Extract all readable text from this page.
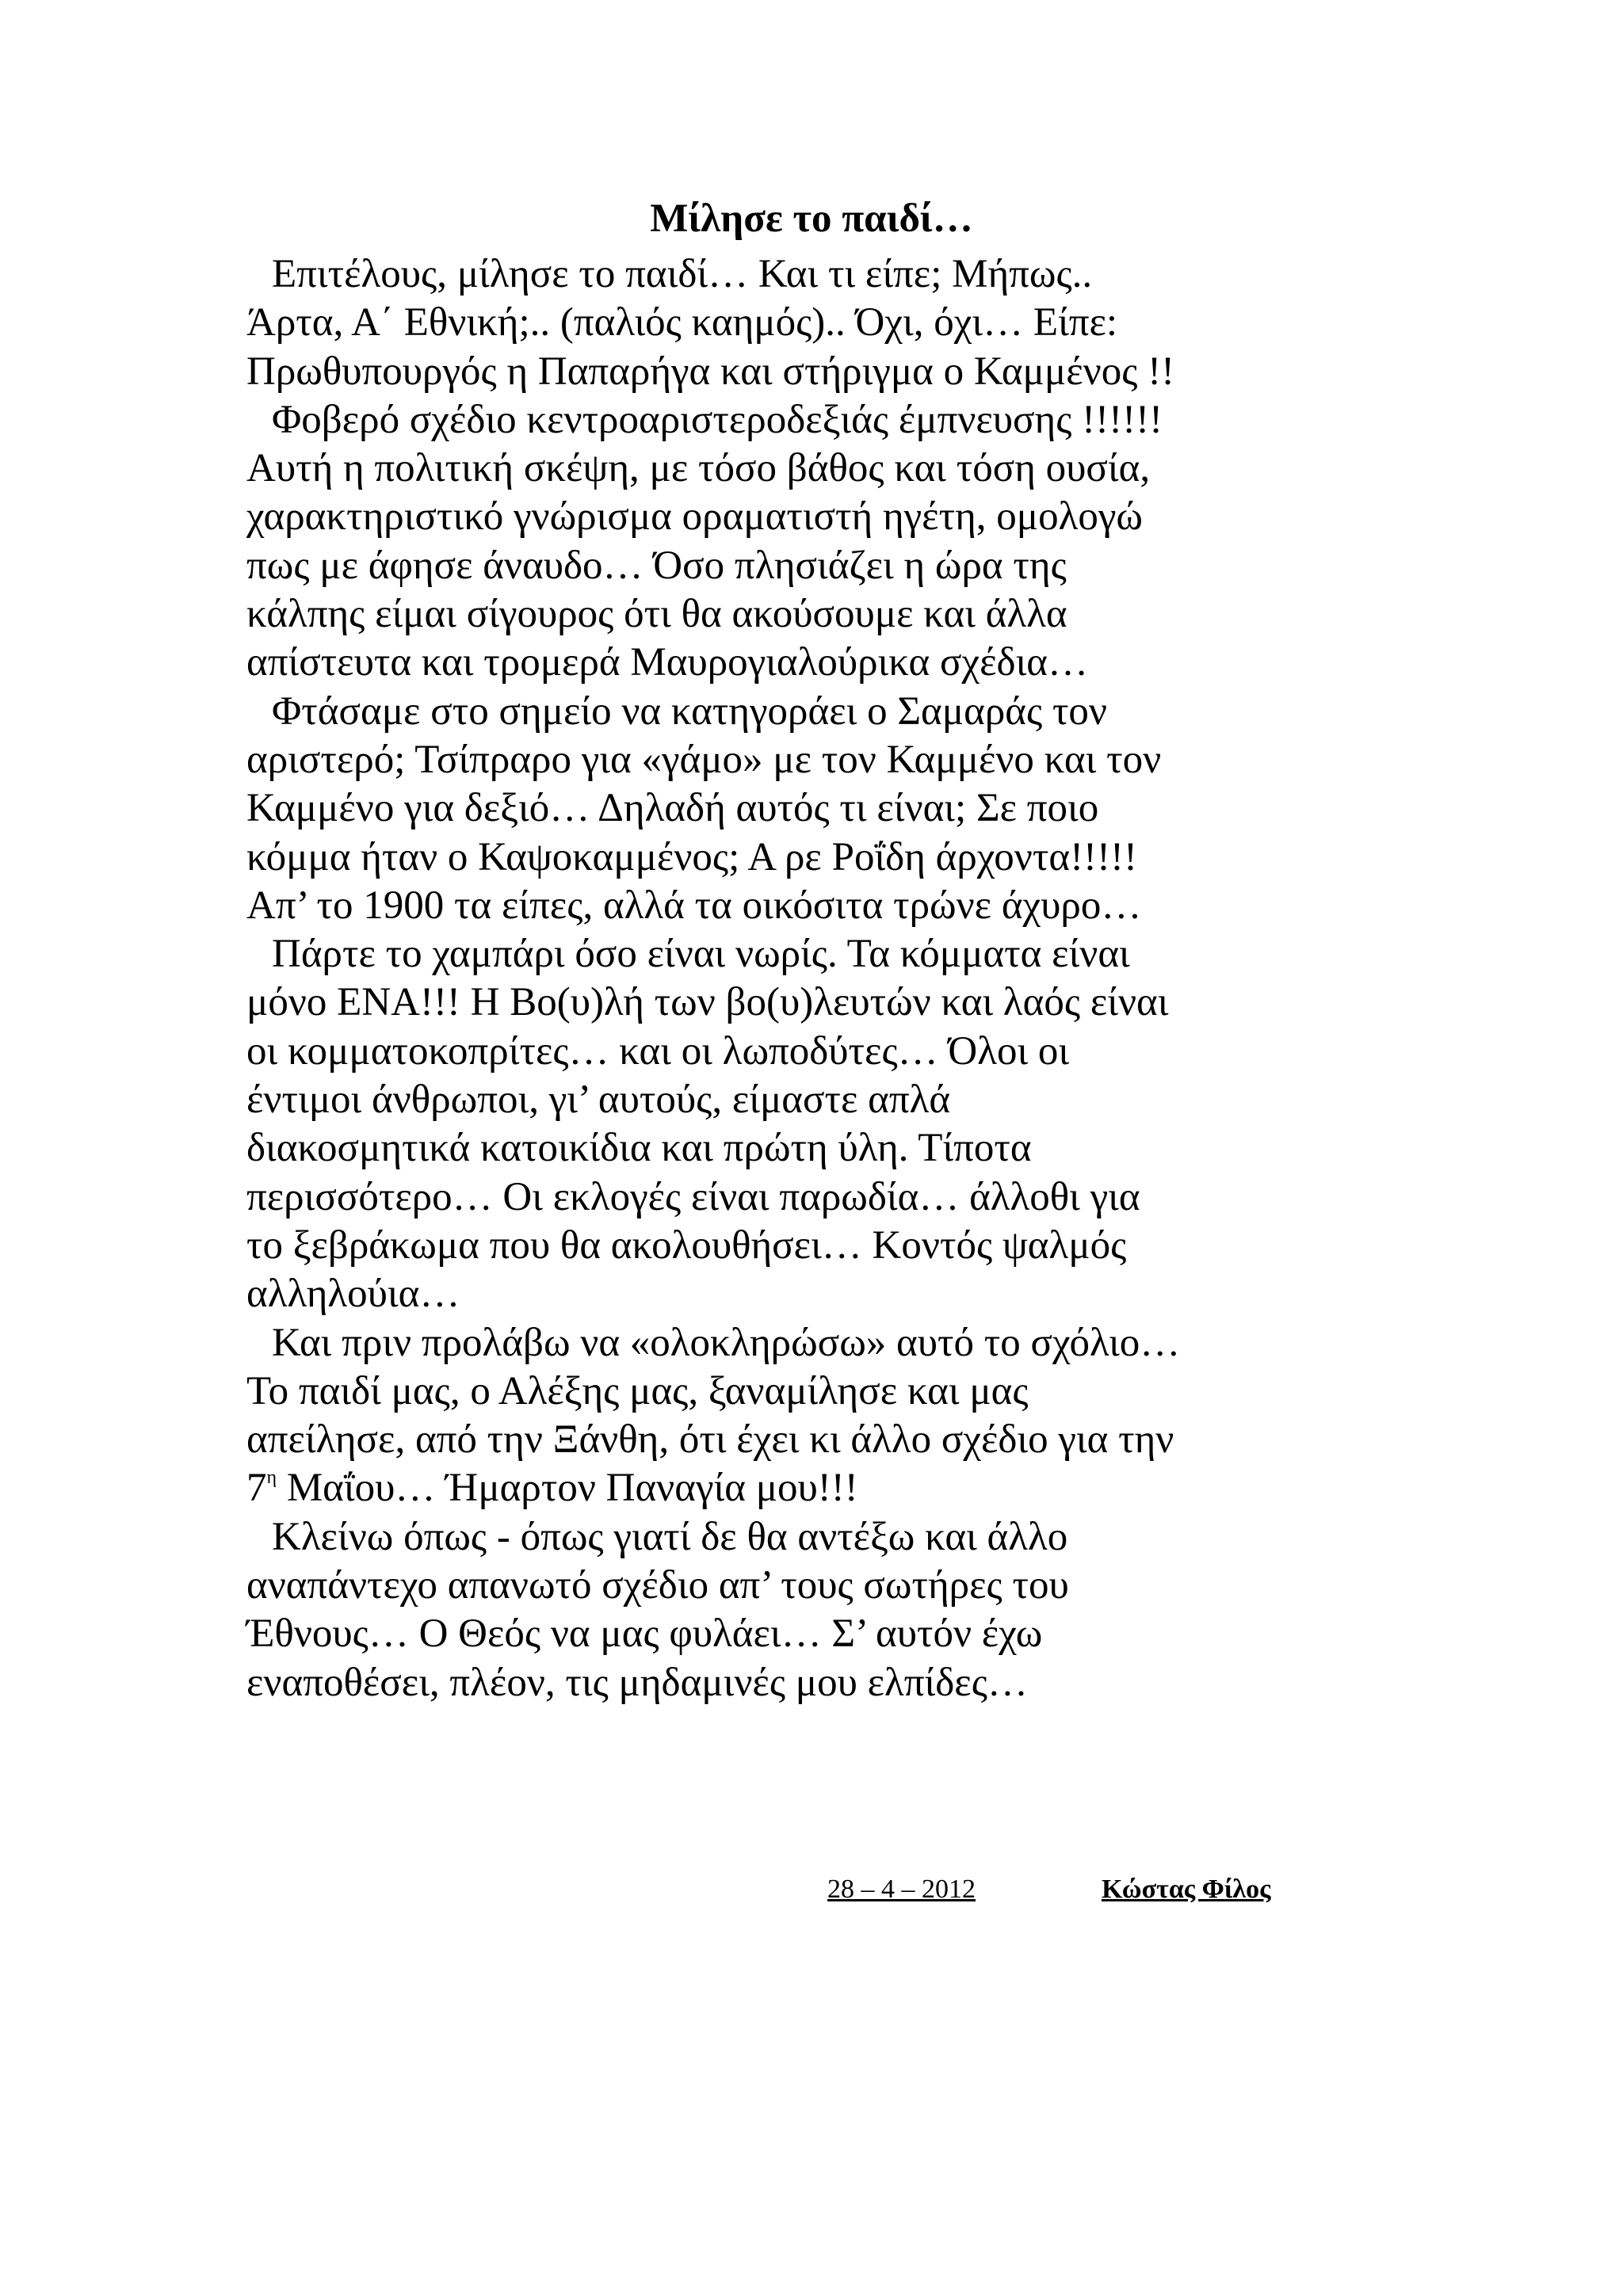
Μίλησε το παιδί…
Επιτέλους, μίλησε το παιδί… Και τι είπε; Μήπως..
Άρτα, Α΄ Εθνική;.. (παλιός καημός).. Όχι, όχι… Είπε:
Πρωθυπουργός η Παπαρήγα και στήριγμα ο Καμμένος !!
Φοβερό σχέδιο κεντροαριστεροδεξιάς έμπνευσης !!!!!!
Αυτή η πολιτική σκέψη, με τόσο βάθος και τόση ουσία,
χαρακτηριστικό γνώρισμα οραματιστή ηγέτη, ομολογώ
πως με άφησε άναυδο… Όσο πλησιάζει η ώρα της
κάλπης είμαι σίγουρος ότι θα ακούσουμε και άλλα
απίστευτα και τρομερά Μαυρογιαλούρικα σχέδια…
Φτάσαμε στο σημείο να κατηγοράει ο Σαμαράς τον
αριστερό; Τσίπραρο για «γάμο» με τον Καμμένο και τον
Καμμένο για δεξιό… Δηλαδή αυτός τι είναι; Σε ποιο
κόμμα ήταν ο Καψοκαμμένος; Α ρε Ροΐδη άρχοντα!!!!!
Απ’ το 1900 τα είπες, αλλά τα οικόσιτα τρώνε άχυρο…
Πάρτε το χαμπάρι όσο είναι νωρίς. Τα κόμματα είναι
μόνο ΕΝΑ!!! Η Βο(υ)λή των βο(υ)λευτών και λαός είναι
οι κομματοκοπρίτες… και οι λωποδύτες… Όλοι οι
έντιμοι άνθρωποι, γι’ αυτούς, είμαστε απλά
διακοσμητικά κατοικίδια και πρώτη ύλη. Τίποτα
περισσότερο… Οι εκλογές είναι παρωδία… άλλοθι για
το ξεβράκωμα που θα ακολουθήσει… Κοντός ψαλμός
αλληλούια…
Και πριν προλάβω να «ολοκληρώσω» αυτό το σχόλιο…
Το παιδί μας, ο Αλέξης μας, ξαναμίλησε και μας
απείλησε, από την Ξάνθη, ότι έχει κι άλλο σχέδιο για την
$7^\eta$ Μαΐου… Ήμαρτον Παναγία μου!!!
Κλείνω όπως - όπως γιατί δε θα αντέξω και άλλο
αναπάντεχο απανωτό σχέδιο απ’ τους σωτήρες του
Έθνους… Ο Θεός να μας φυλάει… Σ’ αυτόν έχω
εναποθέσει, πλέον, τις μηδαμινές μου ελπίδες…
28 – 4 – 2012	Κώστας Φίλος
